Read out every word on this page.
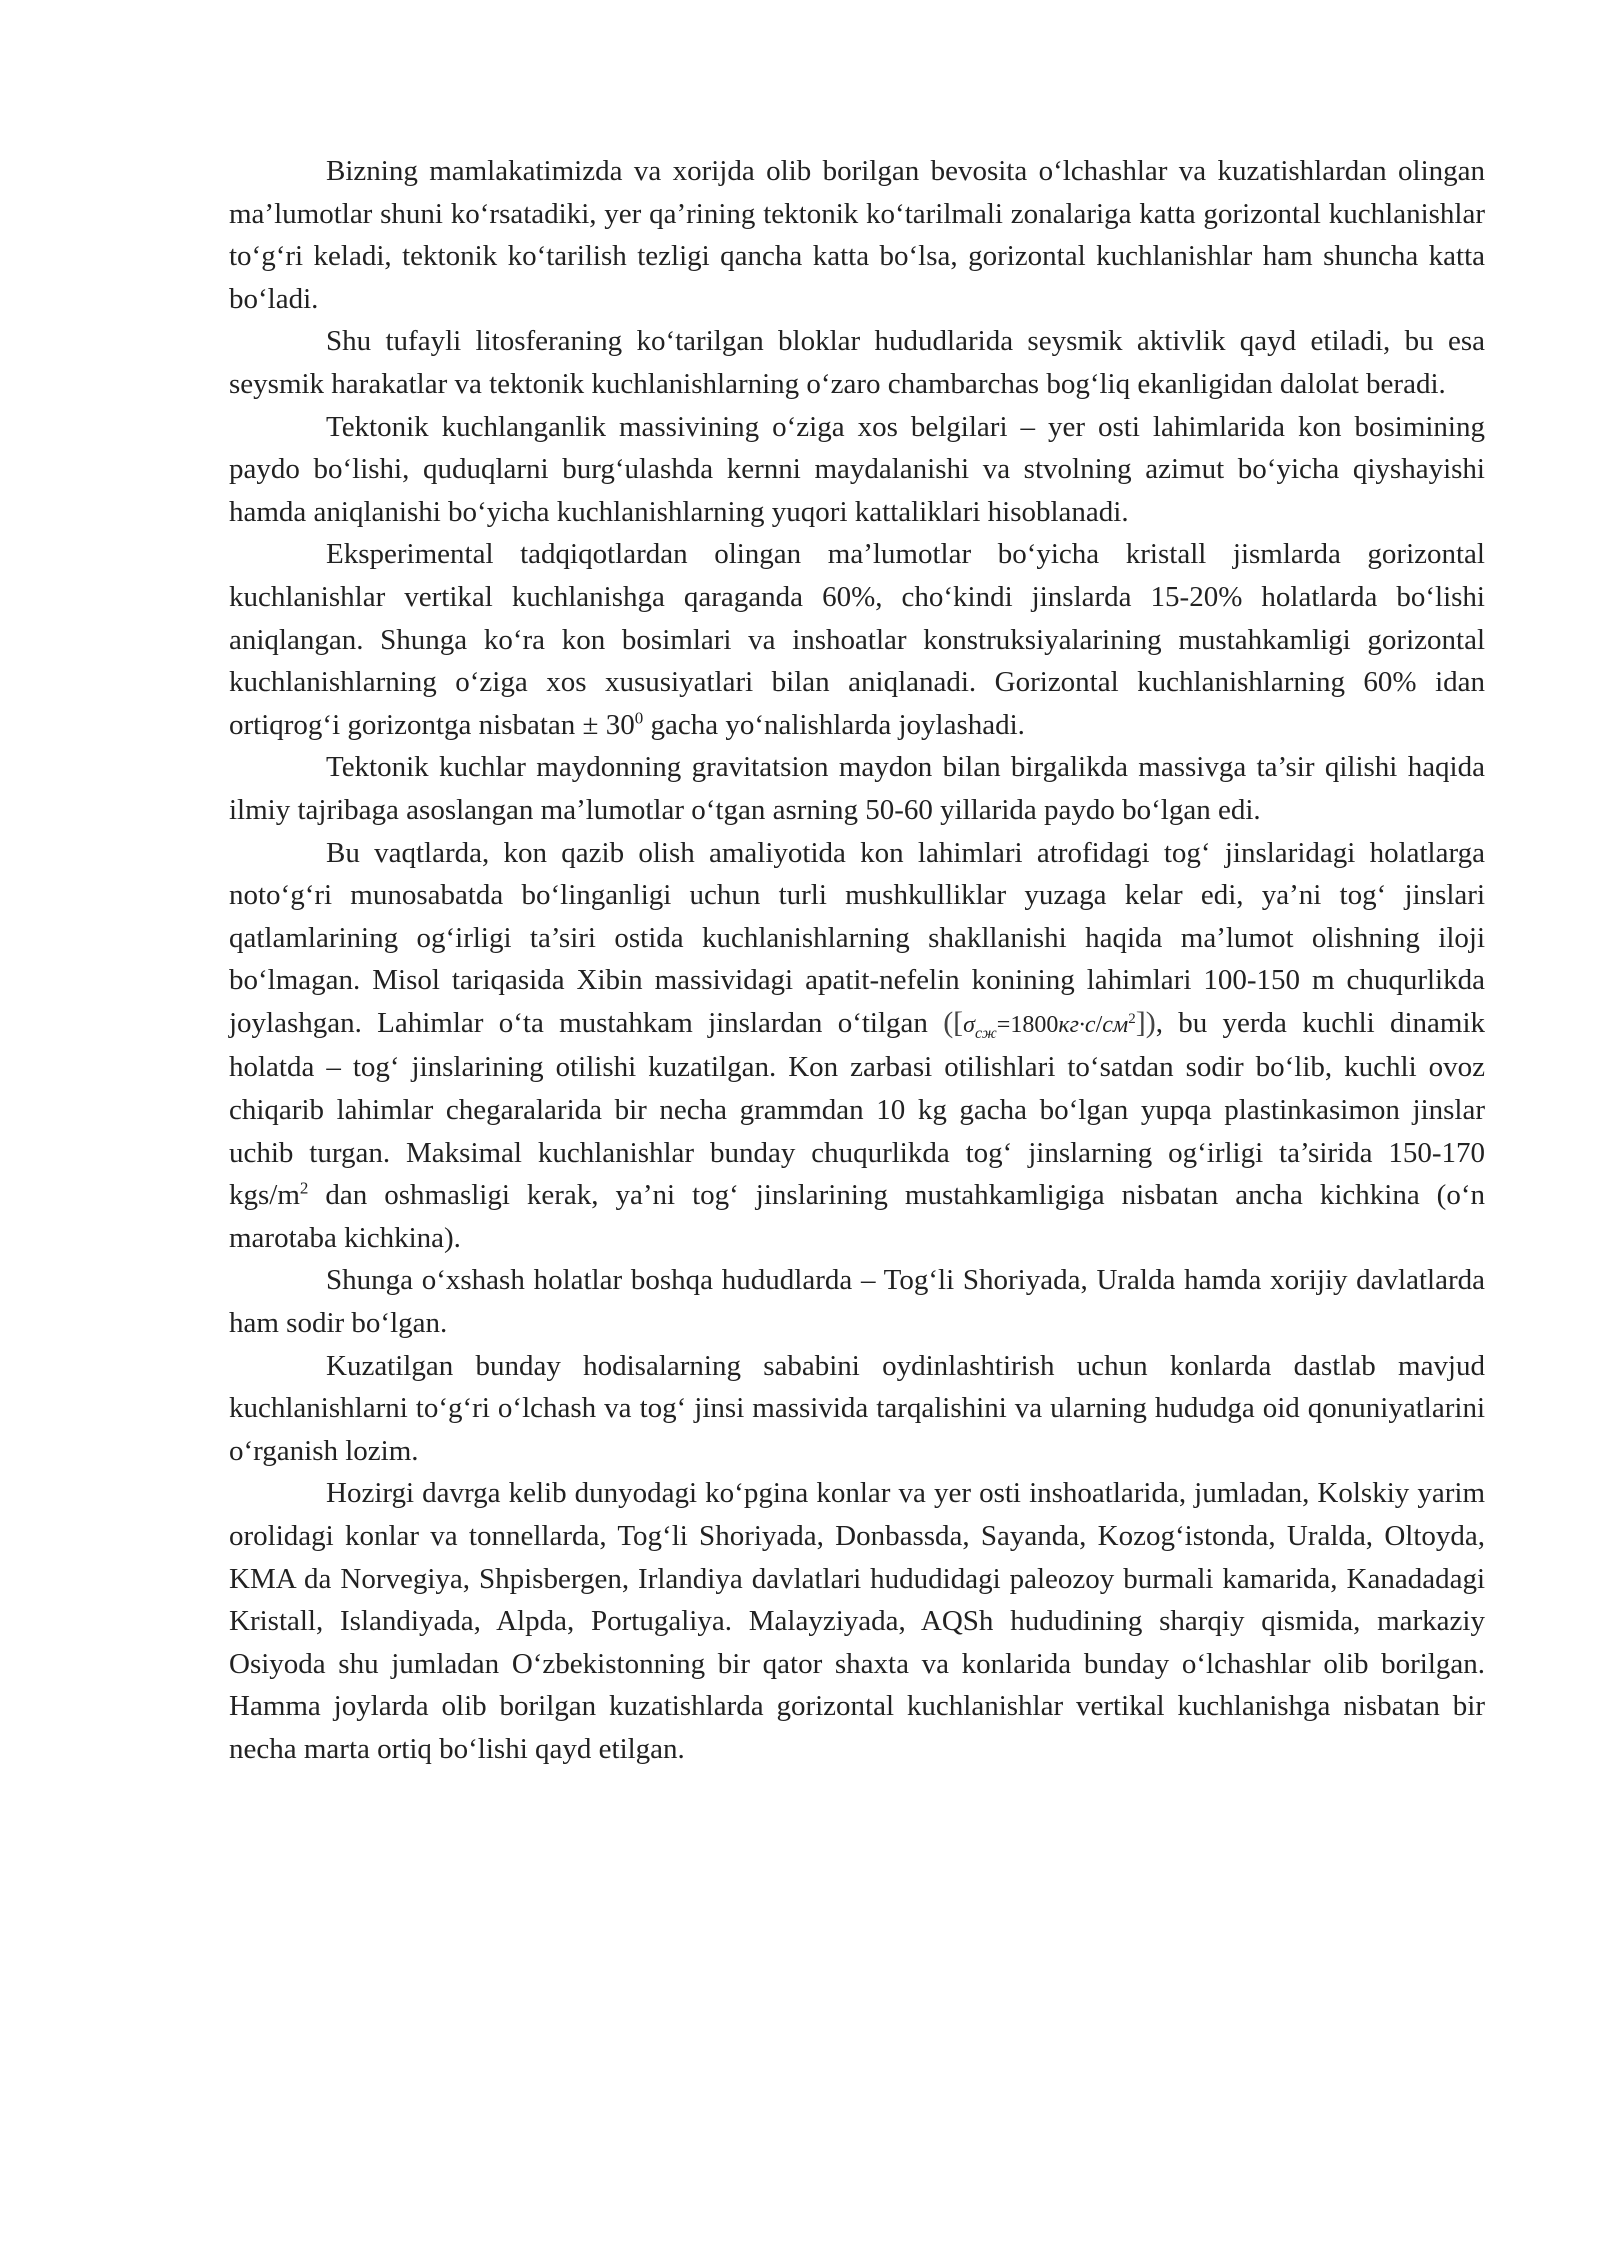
Bizning mamlakatimizda va xorijda olib borilgan bevosita o‘lchashlar va kuzatishlardan olingan ma’lumotlar shuni ko‘rsatadiki, yer qa’rining tektonik ko‘tarilmali zonalariga katta gorizontal kuchlanishlar to‘g‘ri keladi, tektonik ko‘tarilish tezligi qancha katta bo‘lsa, gorizontal kuchlanishlar ham shuncha katta bo‘ladi.

Shu tufayli litosferaning ko‘tarilgan bloklar hududlarida seysmik aktivlik qayd etiladi, bu esa seysmik harakatlar va tektonik kuchlanishlarning o‘zaro chambarchas bog‘liq ekanligidan dalolat beradi.

Tektonik kuchlanganlik massivining o‘ziga xos belgilari – yer osti lahimlarida kon bosimining paydo bo‘lishi, quduqlarni burg‘ulashda kernni maydalanishi va stvolning azimut bo‘yicha qiyshayishi hamda aniqlanishi bo‘yicha kuchlanishlarning yuqori kattaliklari hisoblanadi.

Eksperimental tadqiqotlardan olingan ma’lumotlar bo‘yicha kristall jismlarda gorizontal kuchlanishlar vertikal kuchlanishga qaraganda 60%, cho‘kindi jinslarda 15-20% holatlarda bo‘lishi aniqlangan. Shunga ko‘ra kon bosimlari va inshoatlar konstruksiyalarining mustahkamligi gorizontal kuchlanishlarning o‘ziga xos xususiyatlari bilan aniqlanadi. Gorizontal kuchlanishlarning 60% idan ortiqrog‘i gorizontga nisbatan ± $30^0$ gacha yo‘nalishlarda joylashadi.

Tektonik kuchlar maydonning gravitatsion maydon bilan birgalikda massivga ta’sir qilishi haqida ilmiy tajribaga asoslangan ma’lumotlar o‘tgan asrning 50-60 yillarida paydo bo‘lgan edi.

Bu vaqtlarda, kon qazib olish amaliyotida kon lahimlari atrofidagi tog‘ jinslaridagi holatlarga noto‘g‘ri munosabatda bo‘linganligi uchun turli mushkulliklar yuzaga kelar edi, ya’ni tog‘ jinslari qatlamlarining og‘irligi ta’siri ostida kuchlanishlarning shakllanishi haqida ma’lumot olishning iloji bo‘lmagan. Misol tariqasida Xibin massividagi apatit-nefelin konining lahimlari 100-150 m chuqurlikda joylashgan. Lahimlar o‘ta mustahkam jinslardan o‘tilgan $([\sigma_{сж}=1800кг\cdot с/см^2])$, bu yerda kuchli dinamik holatda – tog‘ jinslarining otilishi kuzatilgan. Kon zarbasi otilishlari to‘satdan sodir bo‘lib, kuchli ovoz chiqarib lahimlar chegaralarida bir necha grammdan 10 kg gacha bo‘lgan yupqa plastinkasimon jinslar uchib turgan. Maksimal kuchlanishlar bunday chuqurlikda tog‘ jinslarning og‘irligi ta’sirida 150-170 kgs/$m^2$ dan oshmasligi kerak, ya’ni tog‘ jinslarining mustahkamligiga nisbatan ancha kichkina (o‘n marotaba kichkina).

Shunga o‘xshash holatlar boshqa hududlarda – Tog‘li Shoriyada, Uralda hamda xorijiy davlatlarda ham sodir bo‘lgan.

Kuzatilgan bunday hodisalarning sababini oydinlashtirish uchun konlarda dastlab mavjud kuchlanishlarni to‘g‘ri o‘lchash va tog‘ jinsi massivida tarqalishini va ularning hududga oid qonuniyatlarini o‘rganish lozim.

Hozirgi davrga kelib dunyodagi ko‘pgina konlar va yer osti inshoatlarida, jumladan, Kolskiy yarim orolidagi konlar va tonnellarda, Tog‘li Shoriyada, Donbassda, Sayanda, Kozog‘istonda, Uralda, Oltoyda, KMA da Norvegiya, Shpisbergen, Irlandiya davlatlari hududidagi paleozoy burmali kamarida, Kanadadagi Kristall, Islandiyada, Alpda, Portugaliya. Malayziyada, AQSh hududining sharqiy qismida, markaziy Osiyoda shu jumladan O‘zbekistonning bir qator shaxta va konlarida bunday o‘lchashlar olib borilgan. Hamma joylarda olib borilgan kuzatishlarda gorizontal kuchlanishlar vertikal kuchlanishga nisbatan bir necha marta ortiq bo‘lishi qayd etilgan.
